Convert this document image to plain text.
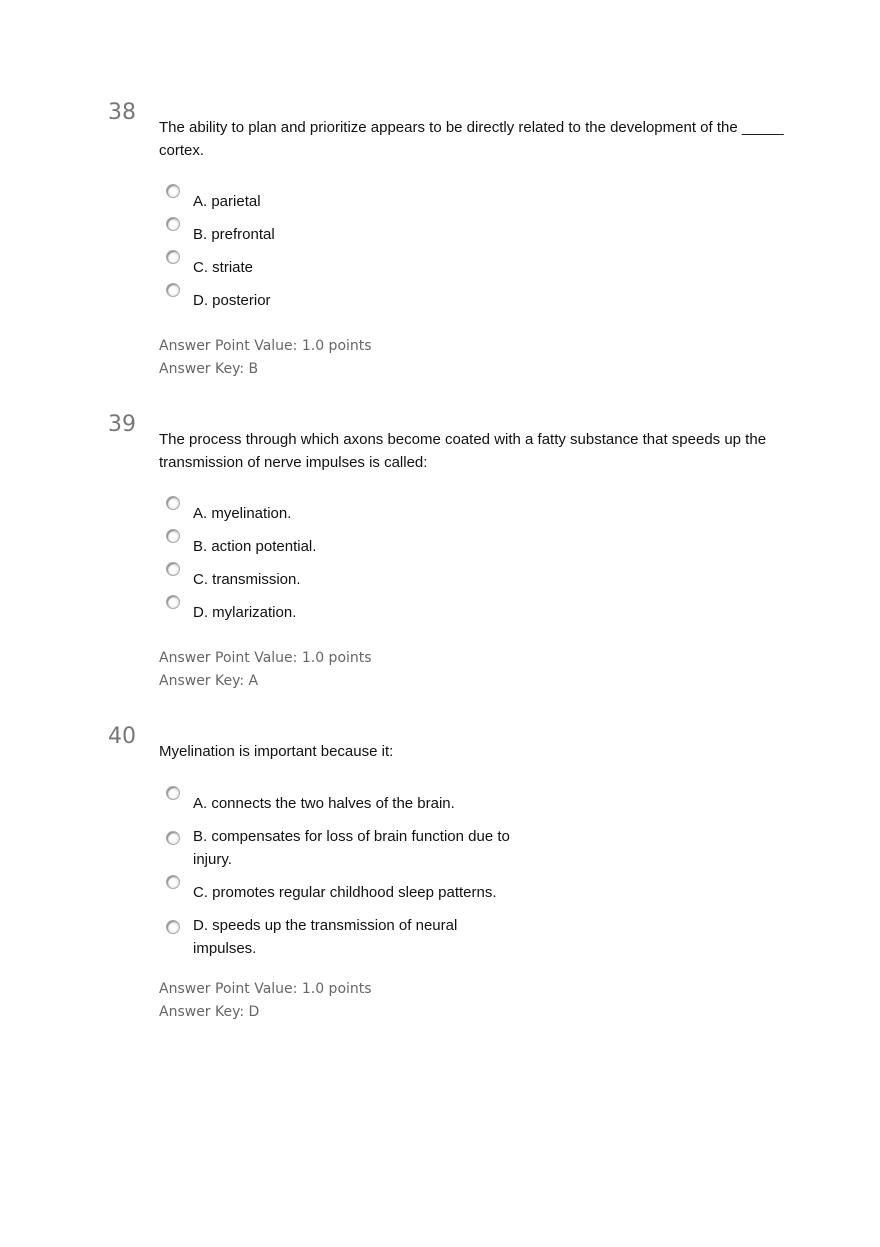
38
The ability to plan and prioritize appears to be directly related to the development of the _____ cortex.
A. parietal
B. prefrontal
C. striate
D. posterior
Answer Point Value: 1.0 points
Answer Key: B
39
The process through which axons become coated with a fatty substance that speeds up the transmission of nerve impulses is called:
A. myelination.
B. action potential.
C. transmission.
D. mylarization.
Answer Point Value: 1.0 points
Answer Key: A
40
Myelination is important because it:
A. connects the two halves of the brain.
B. compensates for loss of brain function due to injury.
C. promotes regular childhood sleep patterns.
D. speeds up the transmission of neural impulses.
Answer Point Value: 1.0 points
Answer Key: D
